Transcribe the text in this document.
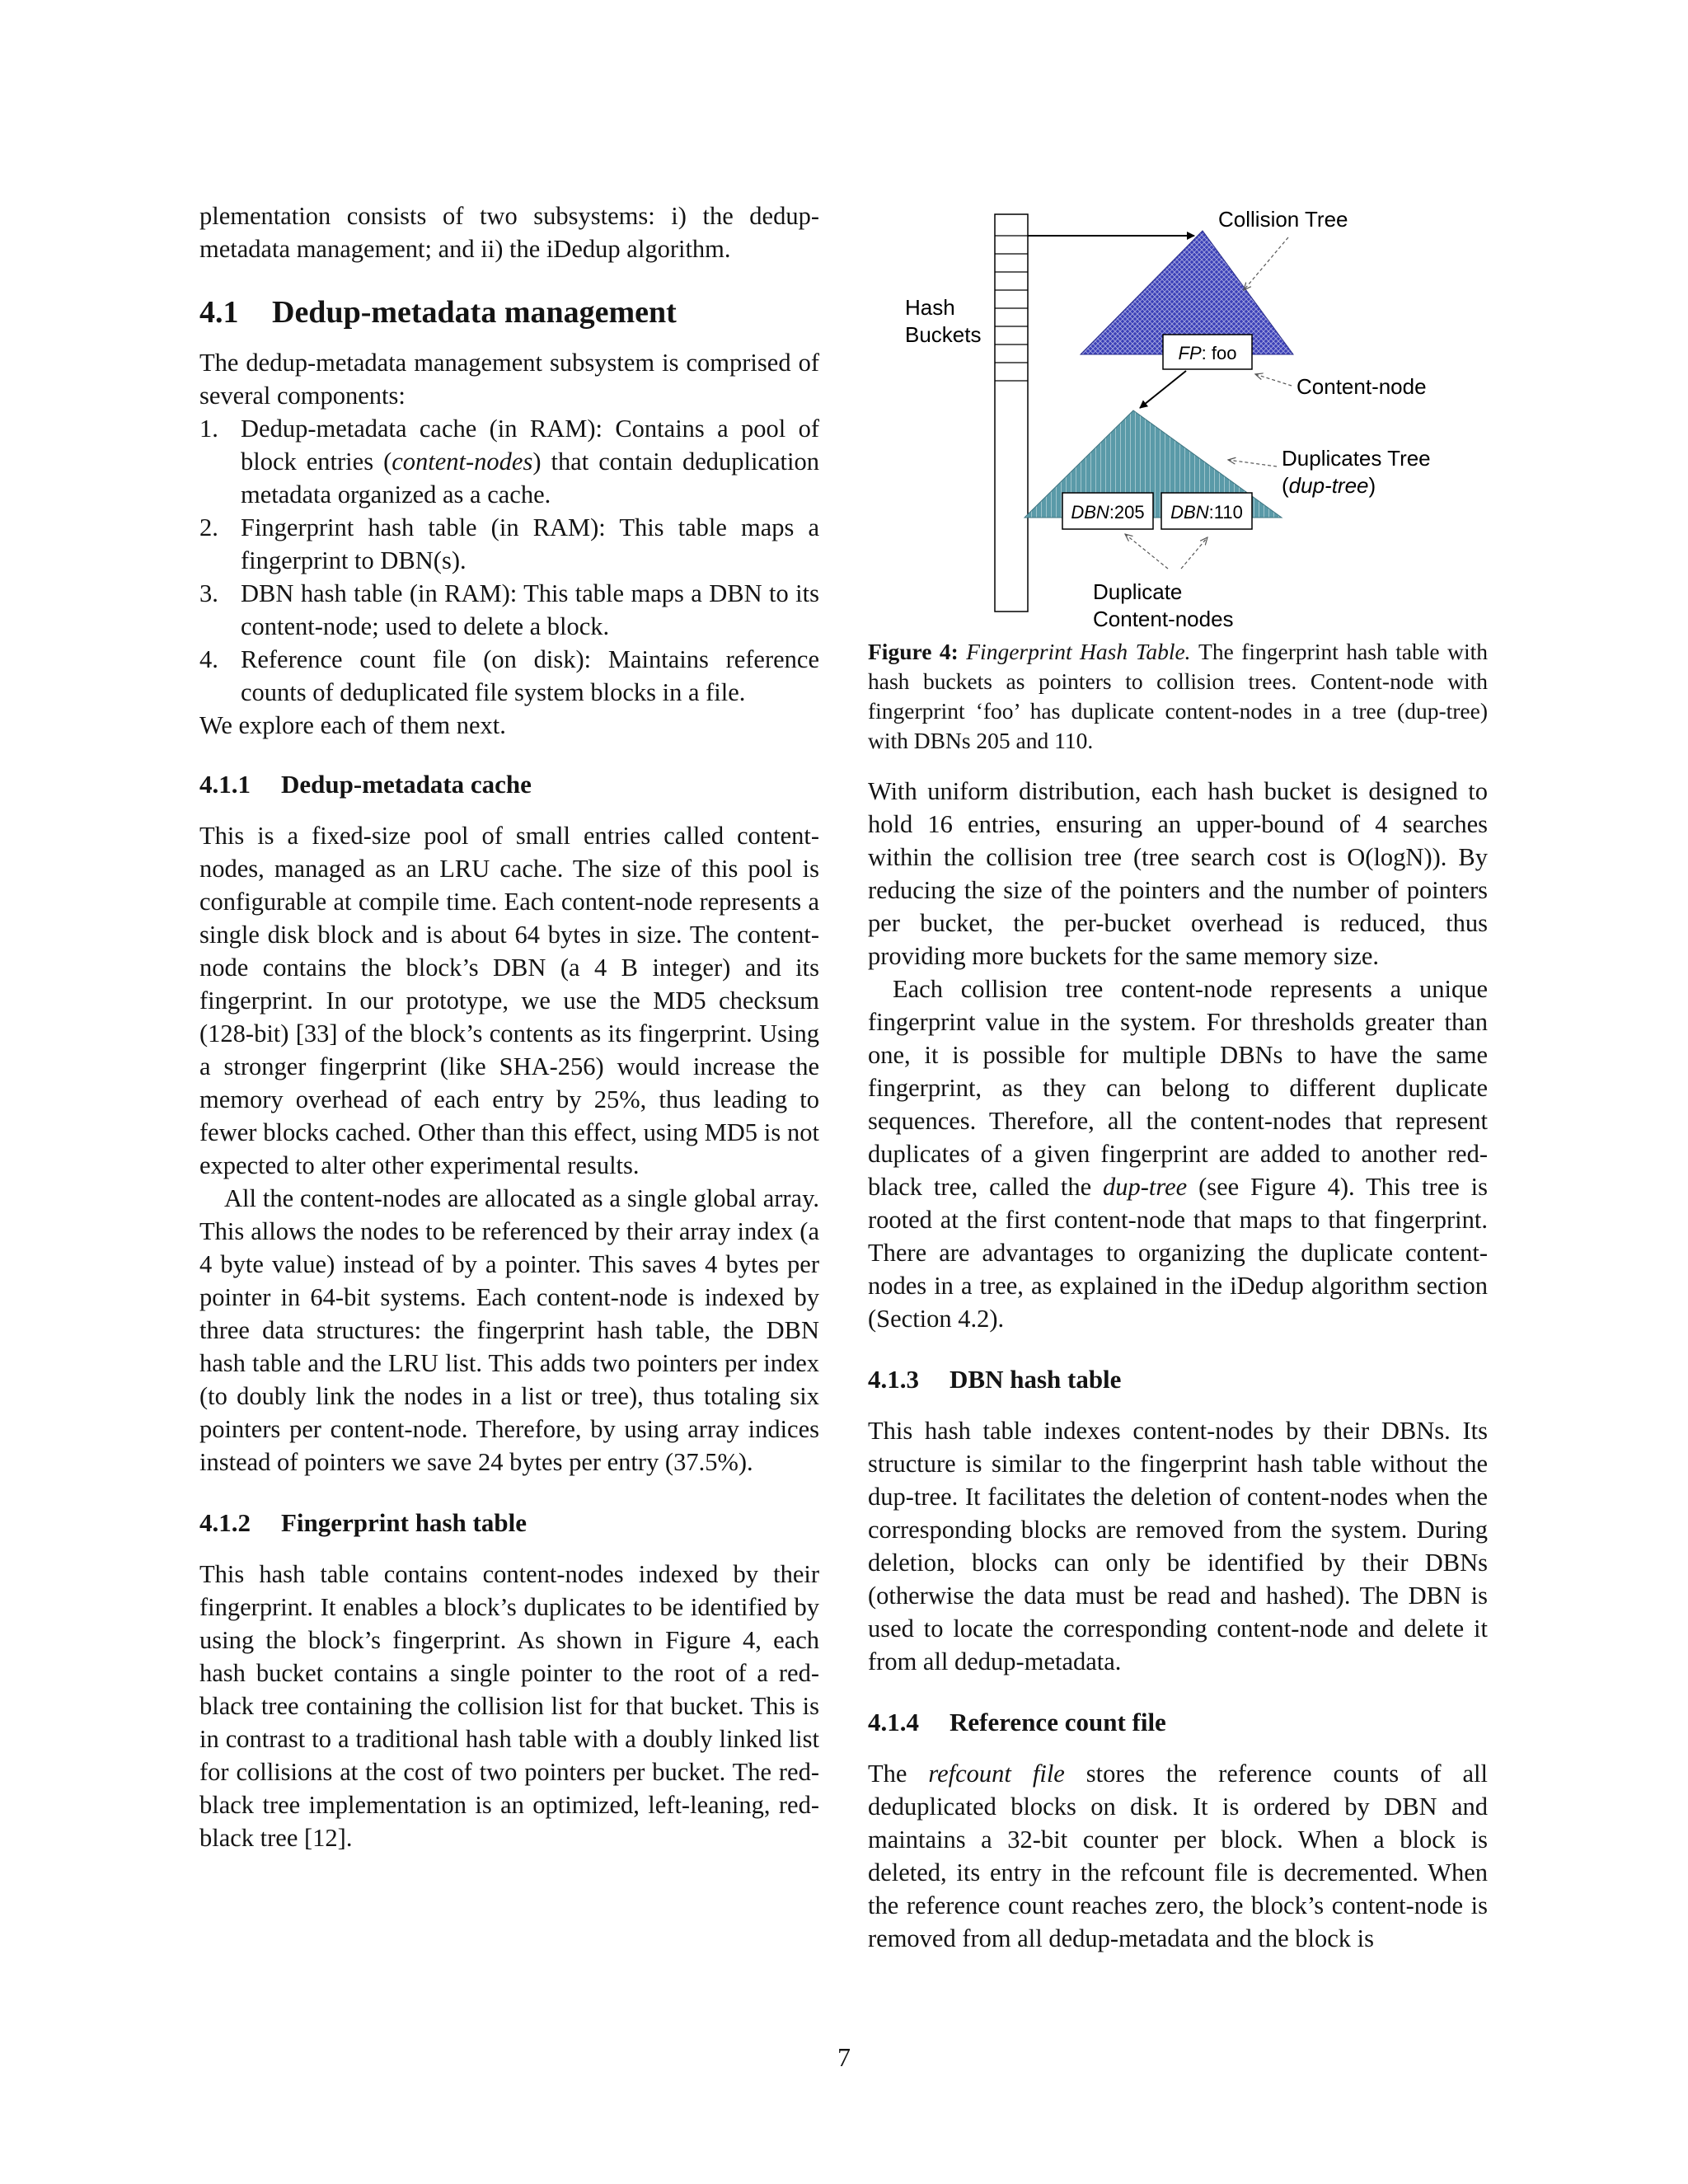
plementation consists of two subsystems: i) the dedup-metadata management; and ii) the iDedup algorithm.

4.1	Dedup-metadata management

The dedup-metadata management subsystem is comprised of several components:

1. Dedup-metadata cache (in RAM): Contains a pool of block entries (content-nodes) that contain deduplication metadata organized as a cache.
2. Fingerprint hash table (in RAM): This table maps a fingerprint to DBN(s).
3. DBN hash table (in RAM): This table maps a DBN to its content-node; used to delete a block.
4. Reference count file (on disk): Maintains reference counts of deduplicated file system blocks in a file.

We explore each of them next.

4.1.1	Dedup-metadata cache

This is a fixed-size pool of small entries called content-nodes, managed as an LRU cache. The size of this pool is configurable at compile time. Each content-node represents a single disk block and is about 64 bytes in size. The content-node contains the block’s DBN (a 4 B integer) and its fingerprint. In our prototype, we use the MD5 checksum (128-bit) [33] of the block’s contents as its fingerprint. Using a stronger fingerprint (like SHA-256) would increase the memory overhead of each entry by 25%, thus leading to fewer blocks cached. Other than this effect, using MD5 is not expected to alter other experimental results.

All the content-nodes are allocated as a single global array. This allows the nodes to be referenced by their array index (a 4 byte value) instead of by a pointer. This saves 4 bytes per pointer in 64-bit systems. Each content-node is indexed by three data structures: the fingerprint hash table, the DBN hash table and the LRU list. This adds two pointers per index (to doubly link the nodes in a list or tree), thus totaling six pointers per content-node. Therefore, by using array indices instead of pointers we save 24 bytes per entry (37.5%).

4.1.2	Fingerprint hash table

This hash table contains content-nodes indexed by their fingerprint. It enables a block’s duplicates to be identified by using the block’s fingerprint. As shown in Figure 4, each hash bucket contains a single pointer to the root of a red-black tree containing the collision list for that bucket. This is in contrast to a traditional hash table with a doubly linked list for collisions at the cost of two pointers per bucket. The red-black tree implementation is an optimized, left-leaning, red-black tree [12].

Collision Tree
Hash
Buckets
FP: foo
Content-node
Duplicates Tree
(dup-tree)
DBN:205 DBN:110
Duplicate
Content-nodes

Figure 4: Fingerprint Hash Table. The fingerprint hash table with hash buckets as pointers to collision trees. Content-node with fingerprint ‘foo’ has duplicate content-nodes in a tree (dup-tree) with DBNs 205 and 110.

With uniform distribution, each hash bucket is designed to hold 16 entries, ensuring an upper-bound of 4 searches within the collision tree (tree search cost is O(logN)). By reducing the size of the pointers and the number of pointers per bucket, the per-bucket overhead is reduced, thus providing more buckets for the same memory size.

Each collision tree content-node represents a unique fingerprint value in the system. For thresholds greater than one, it is possible for multiple DBNs to have the same fingerprint, as they can belong to different duplicate sequences. Therefore, all the content-nodes that represent duplicates of a given fingerprint are added to another red-black tree, called the dup-tree (see Figure 4). This tree is rooted at the first content-node that maps to that fingerprint. There are advantages to organizing the duplicate content-nodes in a tree, as explained in the iDedup algorithm section (Section 4.2).

4.1.3	DBN hash table

This hash table indexes content-nodes by their DBNs. Its structure is similar to the fingerprint hash table without the dup-tree. It facilitates the deletion of content-nodes when the corresponding blocks are removed from the system. During deletion, blocks can only be identified by their DBNs (otherwise the data must be read and hashed). The DBN is used to locate the corresponding content-node and delete it from all dedup-metadata.

4.1.4	Reference count file

The refcount file stores the reference counts of all deduplicated blocks on disk. It is ordered by DBN and maintains a 32-bit counter per block. When a block is deleted, its entry in the refcount file is decremented. When the reference count reaches zero, the block’s content-node is removed from all dedup-metadata and the block is

7
